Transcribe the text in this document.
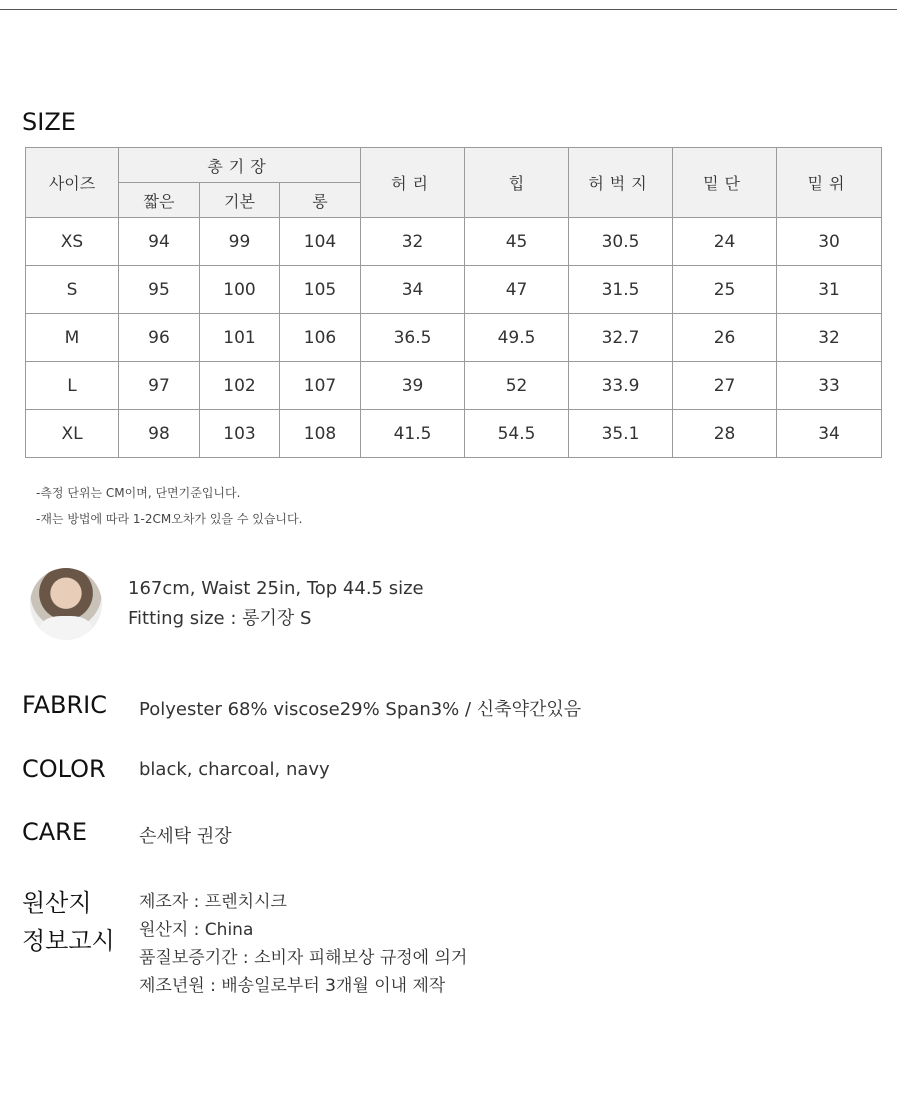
SIZE
사이즈	총기장			허리	힙	허벅지	밑단	밑위
	짧은	기본	롱					
XS	94	99	104	32	45	30.5	24	30
S	95	100	105	34	47	31.5	25	31
M	96	101	106	36.5	49.5	32.7	26	32
L	97	102	107	39	52	33.9	27	33
XL	98	103	108	41.5	54.5	35.1	28	34
-측정 단위는 CM이며, 단면기준입니다.
-재는 방법에 따라 1-2CM오차가 있을 수 있습니다.
167cm, Waist 25in, Top 44.5 size
Fitting size : 롱기장 S
FABRIC Polyester 68% viscose29% Span3% / 신축약간있음
COLOR black, charcoal, navy
CARE	손세탁 권장
원산지
정보고시
제조자 : 프렌치시크
원산지 : China
품질보증기간 : 소비자 피해보상 규정에 의거
제조년원 : 배송일로부터 3개월 이내 제작
